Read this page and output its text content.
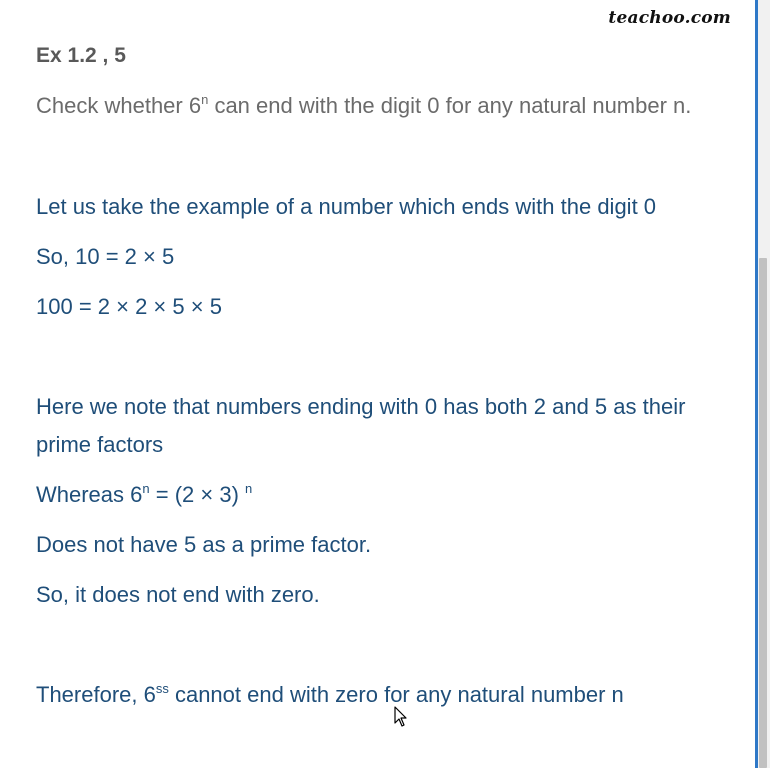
teachoo.com
Ex 1.2 , 5
Check whether 6$^n$ can end with the digit 0 for any natural number n.
Let us take the example of a number which ends with the digit 0
So, 10 = 2 × 5
100 = 2 × 2 × 5 × 5
Here we note that numbers ending with 0 has both 2 and 5 as their
prime factors
Whereas $6^n = (2 \times 3)$ $^n$
Does not have 5 as a prime factor.
So, it does not end with zero.
Therefore, $6^{ss}$ cannot end with zero for any natural number n
